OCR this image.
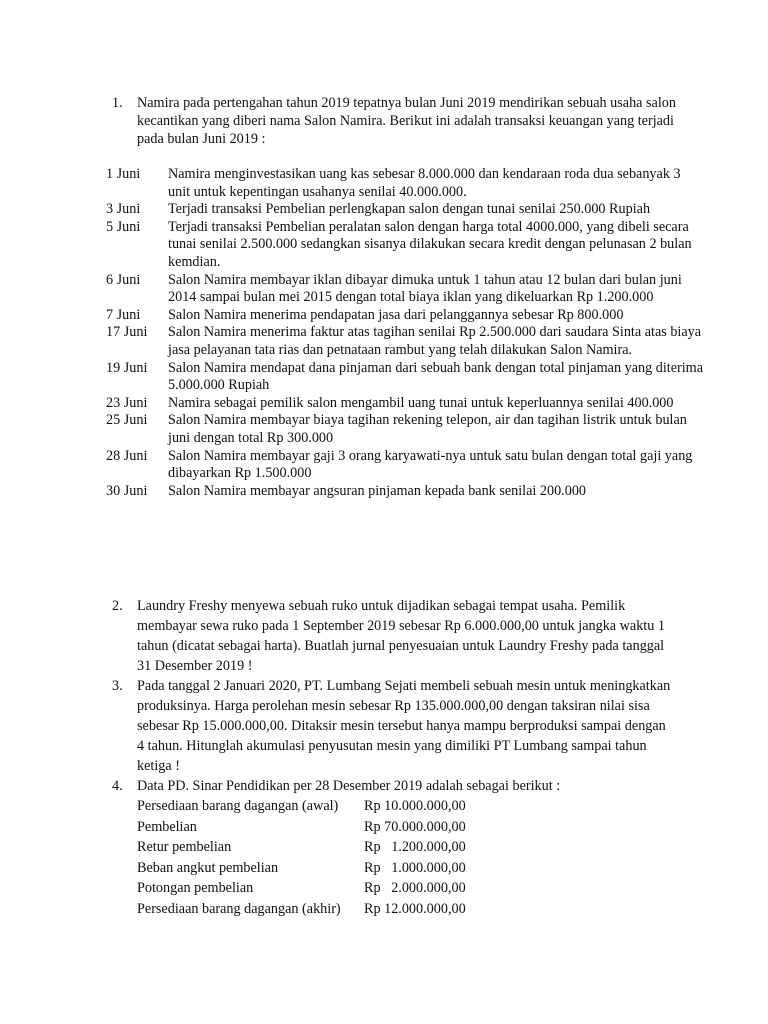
1. Namira pada pertengahan tahun 2019 tepatnya bulan Juni 2019 mendirikan sebuah usaha salon kecantikan yang diberi nama Salon Namira. Berikut ini adalah transaksi keuangan yang terjadi pada bulan Juni 2019 :
1 Juni	Namira menginvestasikan uang kas sebesar 8.000.000 dan kendaraan roda dua sebanyak 3 unit untuk kepentingan usahanya senilai 40.000.000.
3 Juni	Terjadi transaksi Pembelian perlengkapan salon dengan tunai senilai 250.000 Rupiah
5 Juni	Terjadi transaksi Pembelian peralatan salon dengan harga total 4000.000, yang dibeli secara tunai senilai 2.500.000 sedangkan sisanya dilakukan secara kredit dengan pelunasan 2 bulan kemdian.
6 Juni	Salon Namira membayar iklan dibayar dimuka untuk 1 tahun atau 12 bulan dari bulan juni 2014 sampai bulan mei 2015 dengan total biaya iklan yang dikeluarkan Rp 1.200.000
7 Juni	Salon Namira menerima pendapatan jasa dari pelanggannya sebesar Rp 800.000
17 Juni	Salon Namira menerima faktur atas tagihan senilai Rp 2.500.000 dari saudara Sinta atas biaya jasa pelayanan tata rias dan petnataan rambut yang telah dilakukan Salon Namira.
19 Juni	Salon Namira mendapat dana pinjaman dari sebuah bank dengan total pinjaman yang diterima 5.000.000 Rupiah
23 Juni	Namira sebagai pemilik salon mengambil uang tunai untuk keperluannya senilai 400.000
25 Juni	Salon Namira membayar biaya tagihan rekening telepon, air dan tagihan listrik untuk bulan juni dengan total Rp 300.000
28 Juni	Salon Namira membayar gaji 3 orang karyawati-nya untuk satu bulan dengan total gaji yang dibayarkan Rp 1.500.000
30 Juni	Salon Namira membayar angsuran pinjaman kepada bank senilai 200.000
2.	Laundry Freshy menyewa sebuah ruko untuk dijadikan sebagai tempat usaha. Pemilik membayar sewa ruko pada 1 September 2019 sebesar Rp 6.000.000,00 untuk jangka waktu 1 tahun (dicatat sebagai harta). Buatlah jurnal penyesuaian untuk Laundry Freshy pada tanggal 31 Desember 2019 !
3.	Pada tanggal 2 Januari 2020, PT. Lumbang Sejati membeli sebuah mesin untuk meningkatkan produksinya. Harga perolehan mesin sebesar Rp 135.000.000,00 dengan taksiran nilai sisa sebesar Rp 15.000.000,00. Ditaksir mesin tersebut hanya mampu berproduksi sampai dengan 4 tahun. Hitunglah akumulasi penyusutan mesin yang dimiliki PT Lumbang sampai tahun ketiga !
4.	Data PD. Sinar Pendidikan per 28 Desember 2019 adalah sebagai berikut :
Persediaan barang dagangan (awal)	Rp 10.000.000,00
Pembelian	Rp 70.000.000,00
Retur pembelian	Rp   1.200.000,00
Beban angkut pembelian	Rp   1.000.000,00
Potongan pembelian	Rp   2.000.000,00
Persediaan barang dagangan (akhir)	Rp 12.000.000,00
